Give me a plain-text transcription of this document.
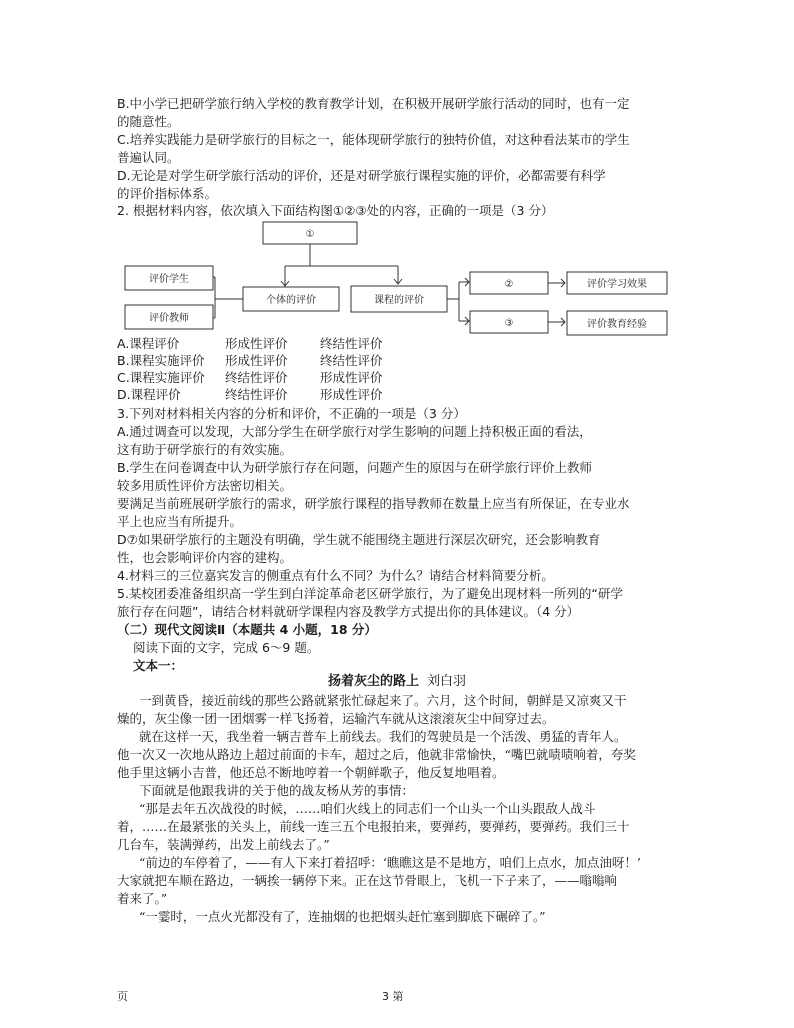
B.中小学已把研学旅行纳入学校的教育教学计划，在积极开展研学旅行活动的同时，也有一定
的随意性。
C.培养实践能力是研学旅行的目标之一，能体现研学旅行的独特价值，对这种看法某市的学生
普遍认同。
D.无论是对学生研学旅行活动的评价，还是对研学旅行课程实施的评价，必都需要有科学
的评价指标体系。
2. 根据材料内容，依次填入下面结构图①②③处的内容，正确的一项是（3 分）
①
评价学生
评价教师
个体的评价	课程的评价
②
③
评价学习效果
评价教育经验
A.课程评价	形成性评价	终结性评价
B.课程实施评价 形成性评价	终结性评价
C.课程实施评价 终结性评价	形成性评价
D.课程评价	终结性评价	形成性评价
3.下列对材料相关内容的分析和评价，不正确的一项是（3 分）
A.通过调查可以发现，大部分学生在研学旅行对学生影响的问题上持积极正面的看法，
这有助于研学旅行的有效实施。
B.学生在问卷调查中认为研学旅行存在问题，问题产生的原因与在研学旅行评价上教师
较多用质性评价方法密切相关。
要满足当前班展研学旅行的需求，研学旅行课程的指导教师在数量上应当有所保证，在专业水
平上也应当有所提升。
D⑦如果研学旅行的主题没有明确，学生就不能围绕主题进行深层次研究，还会影响教育
性，也会影响评价内容的建构。
4.材料三的三位嘉宾发言的侧重点有什么不同？为什么？请结合材料简要分析。
5.某校团委准备组织高一学生到白洋淀革命老区研学旅行，为了避免出现材料一所列的“研学
旅行存在问题”，请结合材料就研学课程内容及教学方式提出你的具体建议。（4 分）
（二）现代文阅读Ⅱ（本题共 4 小题，18 分）
阅读下面的文字，完成 6～9 题。
文本一：
扬着灰尘的路上 刘白羽
一到黄昏，接近前线的那些公路就紧张忙碌起来了。六月，这个时间，朝鲜是又凉爽又干
燥的，灰尘像一团一团烟雾一样飞扬着，运输汽车就从这滚滚灰尘中间穿过去。
就在这样一天，我坐着一辆吉普车上前线去。我们的驾驶员是一个活泼、勇猛的青年人。
他一次又一次地从路边上超过前面的卡车，超过之后，他就非常愉快，“嘴巴就啧啧响着，夸奖
他手里这辆小吉普，他还总不断地哼着一个朝鲜歌子，他反复地唱着。
下面就是他跟我讲的关于他的战友杨从芳的事情：
“那是去年五次战役的时候，……咱们火线上的同志们一个山头一个山头跟敌人战斗
着，……在最紧张的关头上，前线一连三五个电报拍来，要弹药，要弹药，要弹药。我们三十
几台车，装满弹药，出发上前线去了。”
“前边的车停着了，——有人下来打着招呼：‘瞧瞧这是不是地方，咱们上点水，加点油呀！’
大家就把车顺在路边，一辆挨一辆停下来。正在这节骨眼上，飞机一下子来了，——嗡嗡响
着来了。”
“一霎时，一点火光都没有了，连抽烟的也把烟头赶忙塞到脚底下碾碎了。”
页	3 第
